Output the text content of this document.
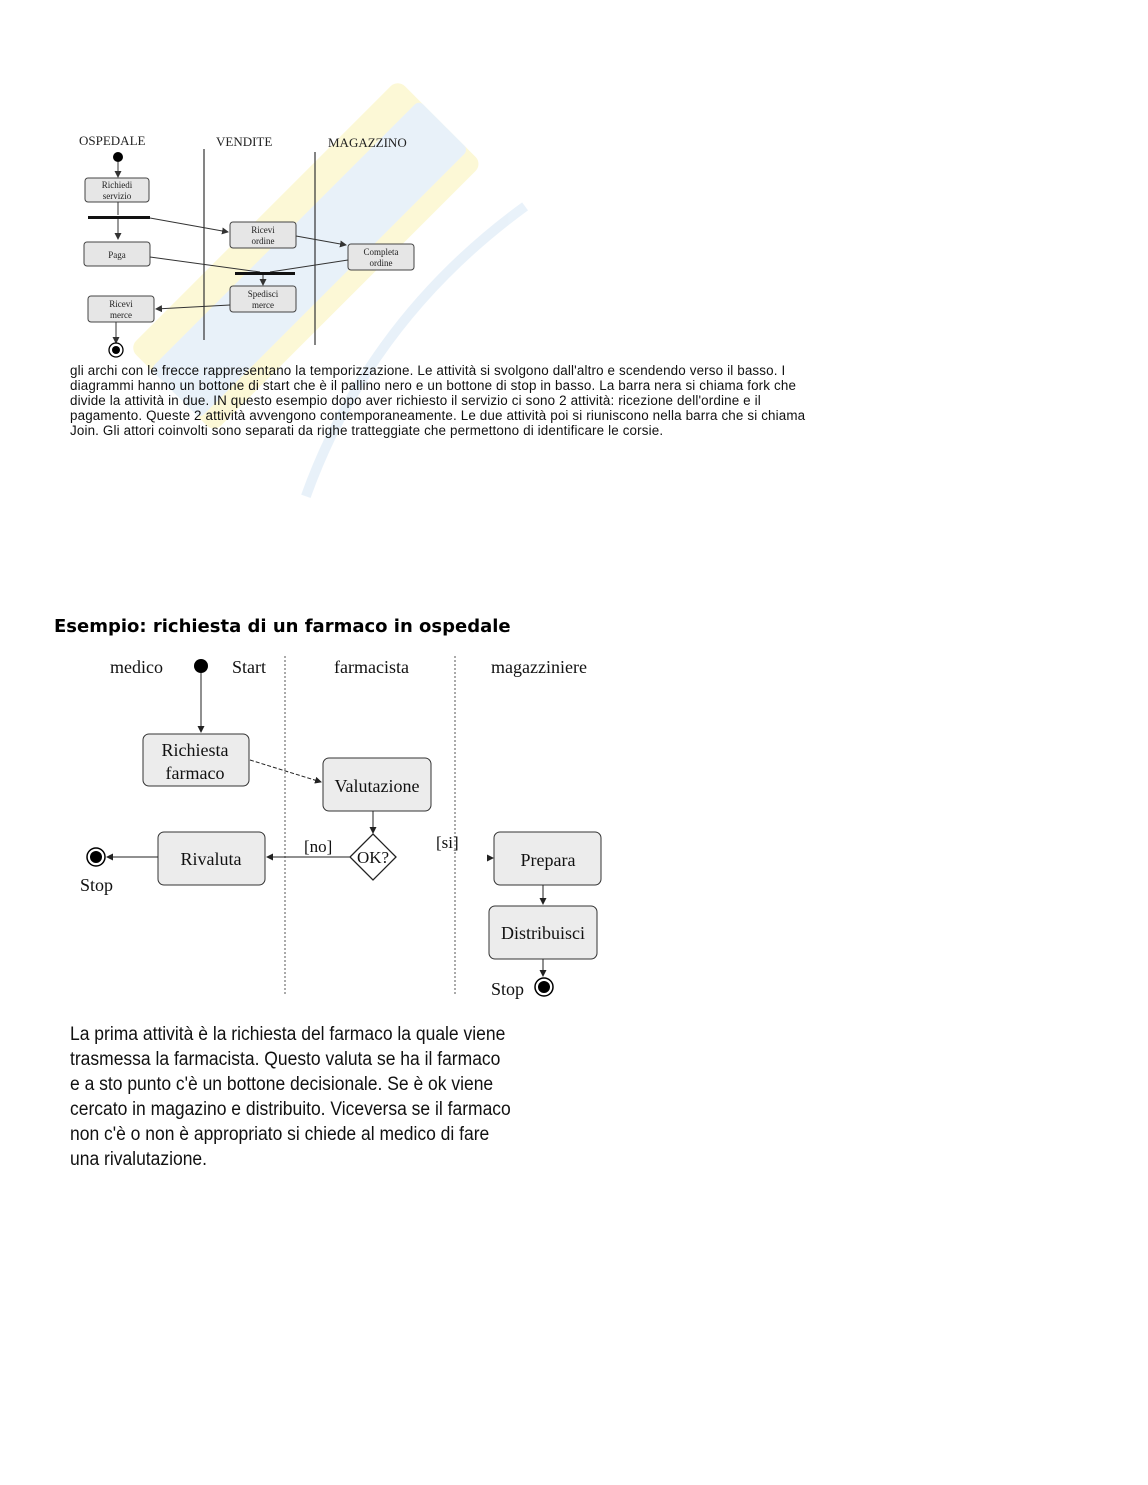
OSPEDALE	VENDITE	MAGAZZINO
Richiedi
servizio
Paga
Ricevi
ordine
Completa
ordine
Spedisci
merce
Ricevi
merce
gli archi con le frecce rappresentano la temporizzazione. Le attività si svolgono dall'altro e scendendo verso il basso. I diagrammi hanno un bottone di start che è il pallino nero e un bottone di stop in basso. La barra nera si chiama fork che divide la attività in due. IN questo esempio dopo aver richiesto il servizio ci sono 2 attività: ricezione dell'ordine e il pagamento. Queste 2 attività avvengono contemporaneamente. Le due attività poi si riuniscono nella barra che si chiama Join. Gli attori coinvolti sono separati da righe tratteggiate che permettono di identificare le corsie.
Esempio: richiesta di un farmaco in ospedale
medico	Start	farmacista	magazziniere
Richiesta
farmaco
Valutazione
OK?
[no]	[si]
Rivaluta
Stop
Prepara
Distribuisci
Stop
La prima attività è la richiesta del farmaco la quale viene trasmessa la farmacista. Questo valuta se ha il farmaco e a sto punto c'è un bottone decisionale. Se è ok viene cercato in magazino e distribuito. Viceversa se il farmaco non c'è o non è appropriato si chiede al medico di fare una rivalutazione.
